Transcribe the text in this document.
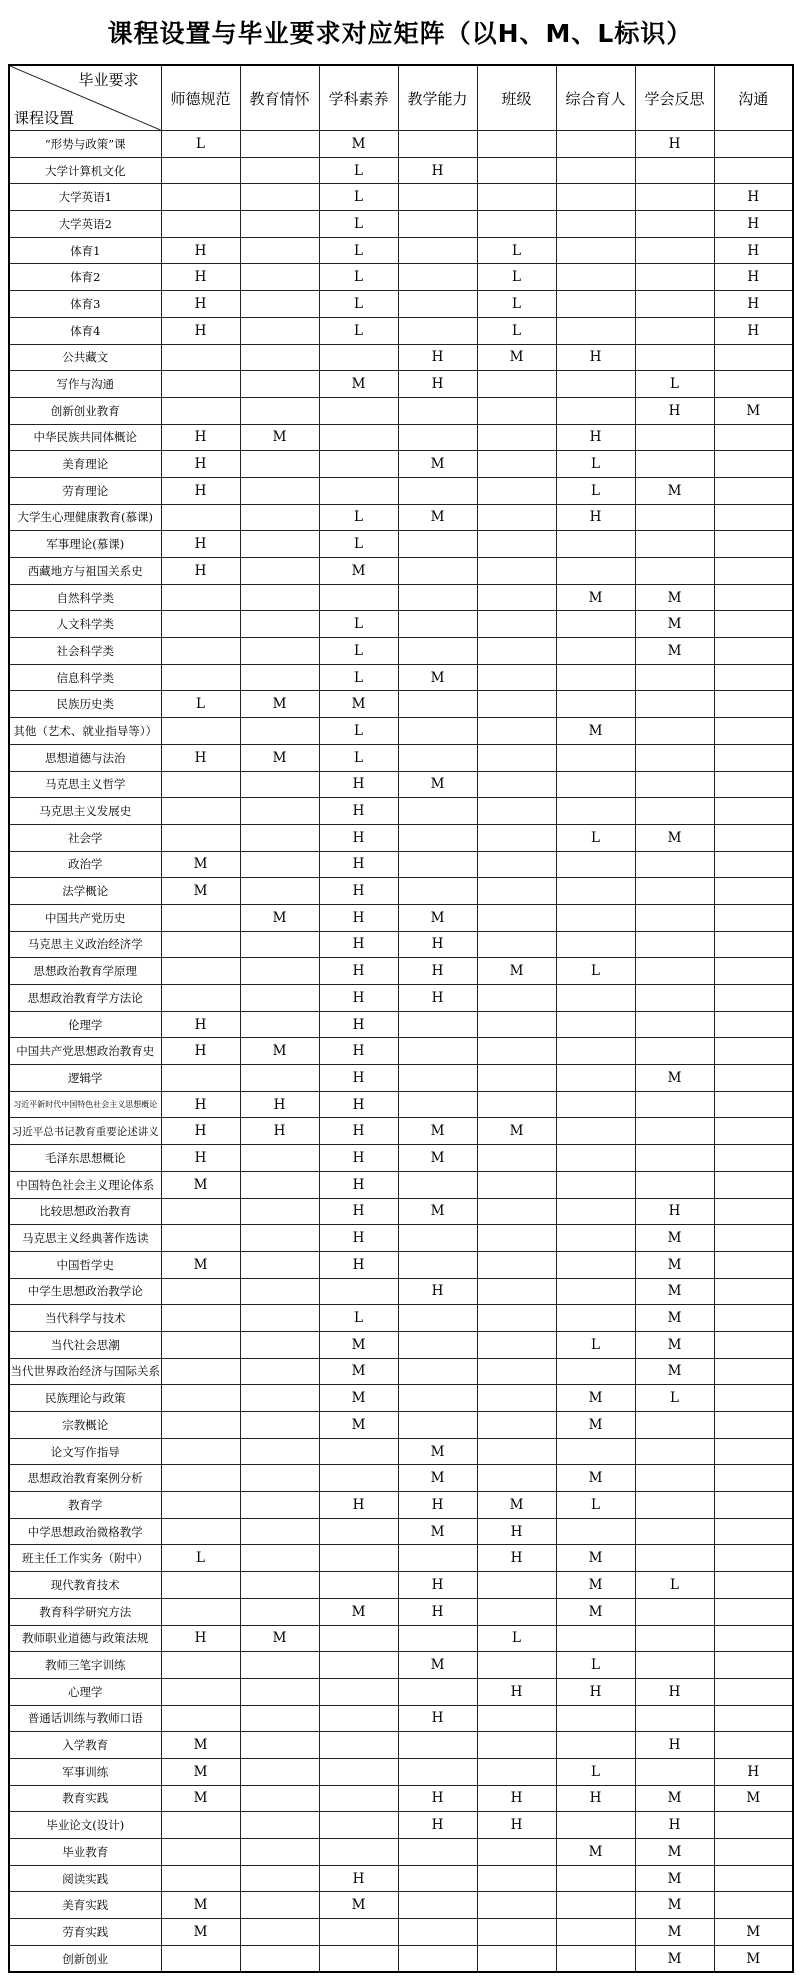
课程设置与毕业要求对应矩阵（以H、M、L标识）
毕业要求
课程设置	师德规范	教育情怀	学科素养	教学能力	班级	综合育人	学会反思	沟通
“形势与政策”课	L		M				H	
大学计算机文化			L	H				
大学英语1			L					H
大学英语2			L					H
体育1	H		L		L			H
体育2	H		L		L			H
体育3	H		L		L			H
体育4	H		L		L			H
公共藏文				H	M	H		
写作与沟通			M	H			L	
创新创业教育							H	M
中华民族共同体概论	H	M				H		
美育理论	H			M		L		
劳育理论	H					L	M	
大学生心理健康教育(慕课)			L	M		H		
军事理论(慕课)	H		L					
西藏地方与祖国关系史	H		M					
自然科学类						M	M	
人文科学类			L				M	
社会科学类			L				M	
信息科学类			L	M				
民族历史类	L	M	M					
其他（艺术、就业指导等））			L			M		
思想道德与法治	H	M	L					
马克思主义哲学			H	M				
马克思主义发展史			H					
社会学			H			L	M	
政治学	M		H					
法学概论	M		H					
中国共产党历史		M	H	M				
马克思主义政治经济学			H	H				
思想政治教育学原理			H	H	M	L		
思想政治教育学方法论			H	H				
伦理学	H		H					
中国共产党思想政治教育史	H	M	H					
逻辑学			H				M	
习近平新时代中国特色社会主义思想概论	H	H	H					
习近平总书记教育重要论述讲义	H	H	H	M	M			
毛泽东思想概论	H		H	M				
中国特色社会主义理论体系	M		H					
比较思想政治教育			H	M			H	
马克思主义经典著作选读			H				M	
中国哲学史	M		H				M	
中学生思想政治教学论				H			M	
当代科学与技术			L				M	
当代社会思潮			M			L	M	
当代世界政治经济与国际关系			M				M	
民族理论与政策			M			M	L	
宗教概论			M			M		
论文写作指导				M				
思想政治教育案例分析				M		M		
教育学			H	H	M	L		
中学思想政治微格教学				M	H			
班主任工作实务（附中）	L				H	M		
现代教育技术				H		M	L	
教育科学研究方法			M	H		M		
教师职业道德与政策法规	H	M			L			
教师三笔字训练				M		L		
心理学					H	H	H	
普通话训练与教师口语				H				
入学教育	M						H	
军事训练	M					L		H
教育实践	M			H	H	H	M	M
毕业论文(设计)				H	H		H	
毕业教育						M	M	
阅读实践			H				M	
美育实践	M		M				M	
劳育实践	M						M	M
创新创业							M	M
